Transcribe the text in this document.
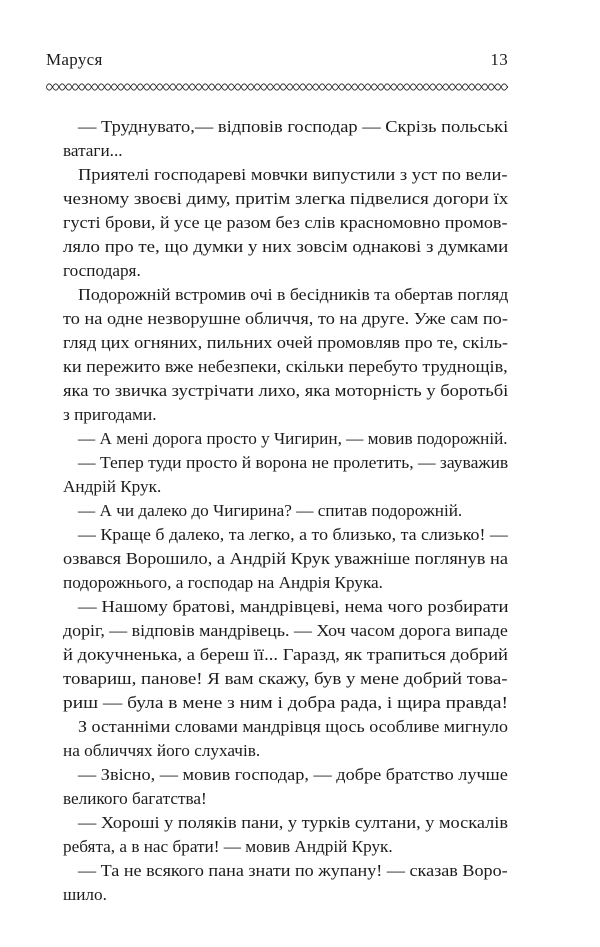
Маруся	13
— Труднувато,— відповів господар — Скрізь польські
ватаги...
Приятелі господареві мовчки випустили з уст по вели-
чезному звоєві диму, притім злегка підвелися догори їх
густі брови, й усе це разом без слів красномовно промов-
ляло про те, що думки у них зовсім однакові з думками
господаря.
Подорожній встромив очі в бесідників та обертав погляд
то на одне незворушне обличчя, то на друге. Уже сам по-
гляд цих огняних, пильних очей промовляв про те, скіль-
ки пережито вже небезпеки, скільки перебуто труднощів,
яка то звичка зустрічати лихо, яка моторність у боротьбі
з пригодами.
— А мені дорога просто у Чигирин, — мовив подорожній.
— Тепер туди просто й ворона не пролетить, — зауважив
Андрій Крук.
— А чи далеко до Чигирина? — спитав подорожній.
— Краще б далеко, та легко, а то близько, та слизько! —
озвався Ворошило, а Андрій Крук уважніше поглянув на
подорожнього, а господар на Андрія Крука.
— Нашому братові, мандрівцеві, нема чого розбирати
доріг, — відповів мандрівець. — Хоч часом дорога випаде
й докучненька, а береш її... Гаразд, як трапиться добрий
товариш, панове! Я вам скажу, був у мене добрий това-
риш — була в мене з ним і добра рада, і щира правда!
З останніми словами мандрівця щось особливе мигнуло
на обличчях його слухачів.
— Звісно, — мовив господар, — добре братство лучше
великого багатства!
— Хороші у поляків пани, у турків султани, у москалів
ребята, а в нас брати! — мовив Андрій Крук.
— Та не всякого пана знати по жупану! — сказав Воро-
шило.
